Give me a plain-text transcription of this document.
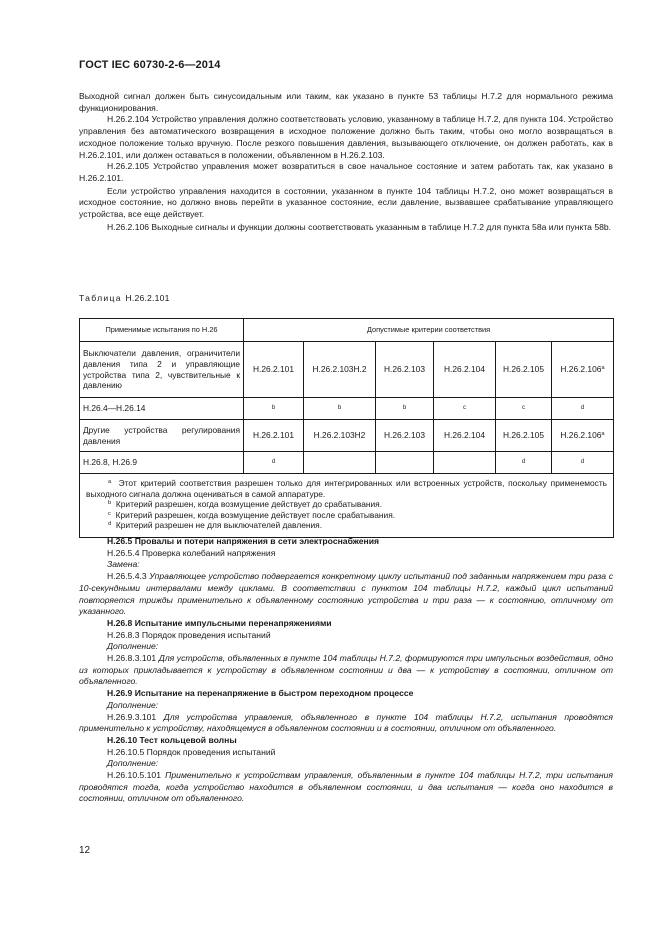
ГОСТ IEC 60730-2-6—2014

Выходной сигнал должен быть синусоидальным или таким, как указано в пункте 53 таблицы Н.7.2 для нормального режима функционирования.

Н.26.2.104 Устройство управления должно соответствовать условию, указанному в таблице Н.7.2, для пункта 104. Устройство управления без автоматического возвращения в исходное положение должно быть таким, чтобы оно могло возвращаться в исходное положение только вручную. После резкого повышения давления, вызывающего отключение, он должен работать, как в Н.26.2.101, или должен оставаться в положении, объявленном в Н.26.2.103.

Н.26.2.105 Устройство управления может возвратиться в свое начальное состояние и затем работать так, как указано в Н.26.2.101.

Если устройство управления находится в состоянии, указанном в пункте 104 таблицы Н.7.2, оно может возвращаться в исходное состояние, но должно вновь перейти в указанное состояние, если давление, вызвавшее срабатывание управляющего устройства, все еще действует.

Н.26.2.106 Выходные сигналы и функции должны соответствовать указанным в таблице Н.7.2 для пункта 58а или пункта 58b.

Таблица Н.26.2.101
Применимые испытания по Н.26	Допустимые критерии соответствия					
Выключатели давления, ограничители давления типа 2 и управляющие устройства типа 2, чувствительные к давлению	Н.26.2.101	Н.26.2.103Н.2	Н.26.2.103	Н.26.2.104	Н.26.2.105	Н.26.2.106$^a$
Н.26.4—Н.26.14	b	b	b	c	c	d
Другие устройства регулирования давления	Н.26.2.101	Н.26.2.103Н2	Н.26.2.103	Н.26.2.104	Н.26.2.105	Н.26.2.106$^a$
Н.26.8, Н.26.9	d				d	d

$^a$ Этот критерий соответствия разрешен только для интегрированных или встроенных устройств, поскольку применемость выходного сигнала должна оцениваться в самой аппаратуре.

$^b$ Критерий разрешен, когда возмущение действует до срабатывания.

$^c$ Критерий разрешен, когда возмущение действует после срабатывания.

$^d$ Критерий разрешен не для выключателей давления.						

Н.26.5 Провалы и потери напряжения в сети электроснабжения

Н.26.5.4 Проверка колебаний напряжения

Замена:

Н.26.5.4.3 Управляющее устройство подвергается конкретному циклу испытаний под заданным напряжением три раза с 10-секундными интервалами между циклами. В соответствии с пунктом 104 таблицы Н.7.2, каждый цикл испытаний повторяется трижды применительно к объявленному состоянию устройства и три раза — к состоянию, отличному от указанного.

Н.26.8 Испытание импульсными перенапряжениями

Н.26.8.3 Порядок проведения испытаний

Дополнение:

Н.26.8.3.101 Для устройств, объявленных в пункте 104 таблицы Н.7.2, формируются три импульсных воздействия, одно из которых прикладывается к устройству в объявленном состоянии и два — к устройству в состоянии, отличном от объявленного.

Н.26.9 Испытание на перенапряжение в быстром переходном процессе

Дополнение:

Н.26.9.3.101 Для устройства управления, объявленного в пункте 104 таблицы Н.7.2, испытания проводятся применительно к устройству, находящемуся в объявленном состоянии и в состоянии, отличном от объявленного.

Н.26.10 Тест кольцевой волны

Н.26.10.5 Порядок проведения испытаний

Дополнение:

Н.26.10.5.101 Применительно к устройствам управления, объявленным в пункте 104 таблицы Н.7.2, три испытания проводятся тогда, когда устройство находится в объявленном состоянии, и два испытания — когда оно находится в состоянии, отличном от объявленного.

12
